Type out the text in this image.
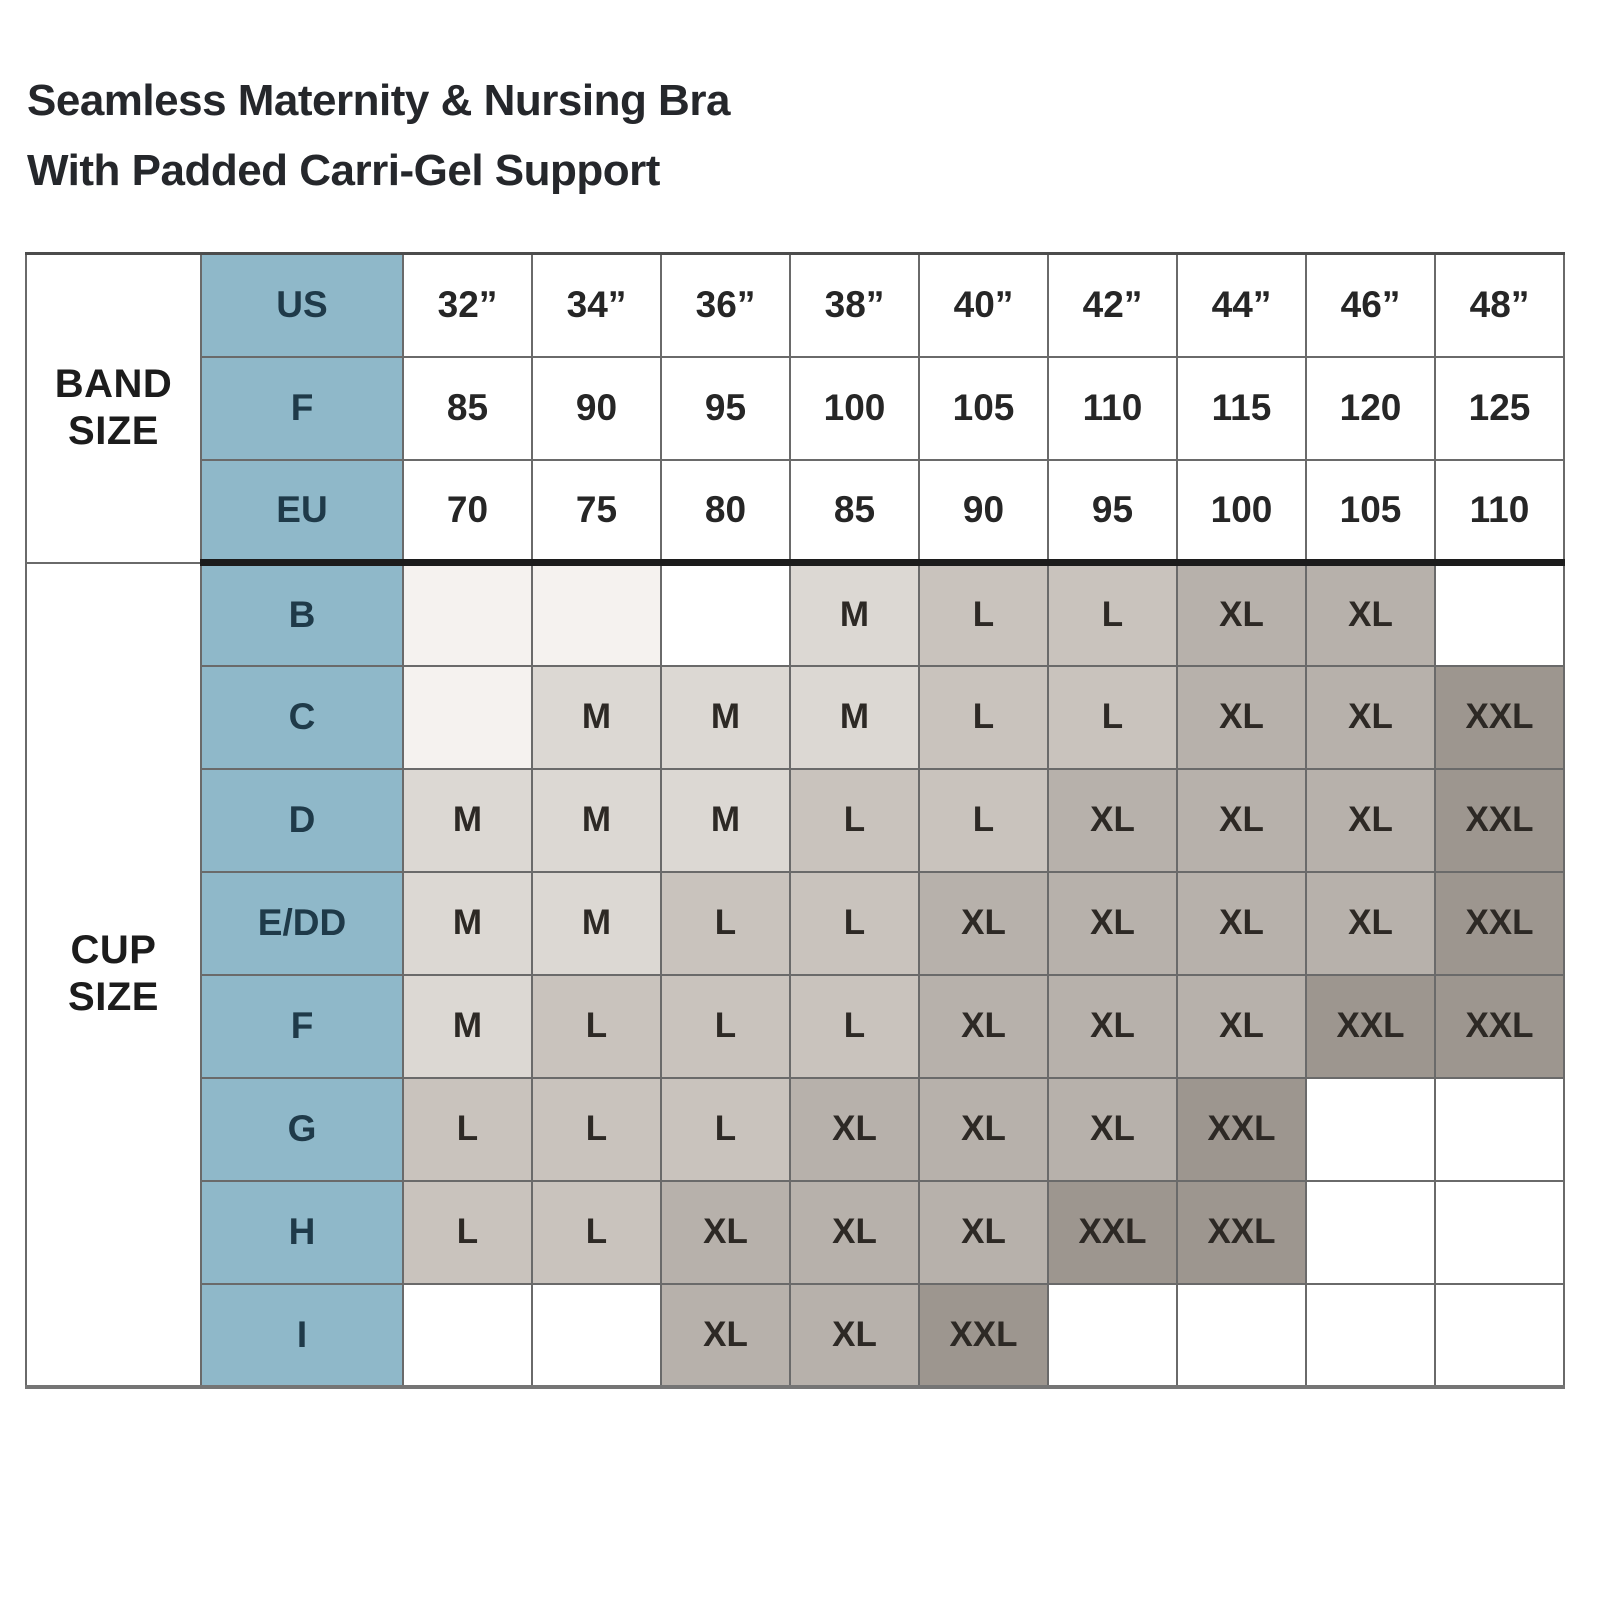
Seamless Maternity & Nursing Bra
With Padded Carri-Gel Support
BAND
SIZE	US	32”	34”	36”	38”	40”	42”	44”	46”	48”
	F	85	90	95	100	105	110	115	120	125
	EU	70	75	80	85	90	95	100	105	110

CUP
SIZE	B				M	L	L	XL	XL	
	C		M	M	M	L	L	XL	XL	XXL
	D	M	M	M	L	L	XL	XL	XL	XXL
	E/DD	M	M	L	L	XL	XL	XL	XL	XXL
	F	M	L	L	L	XL	XL	XL	XXL	XXL
	G	L	L	L	XL	XL	XL	XXL		
	H	L	L	XL	XL	XL	XXL	XXL		
	I			XL	XL	XXL				
